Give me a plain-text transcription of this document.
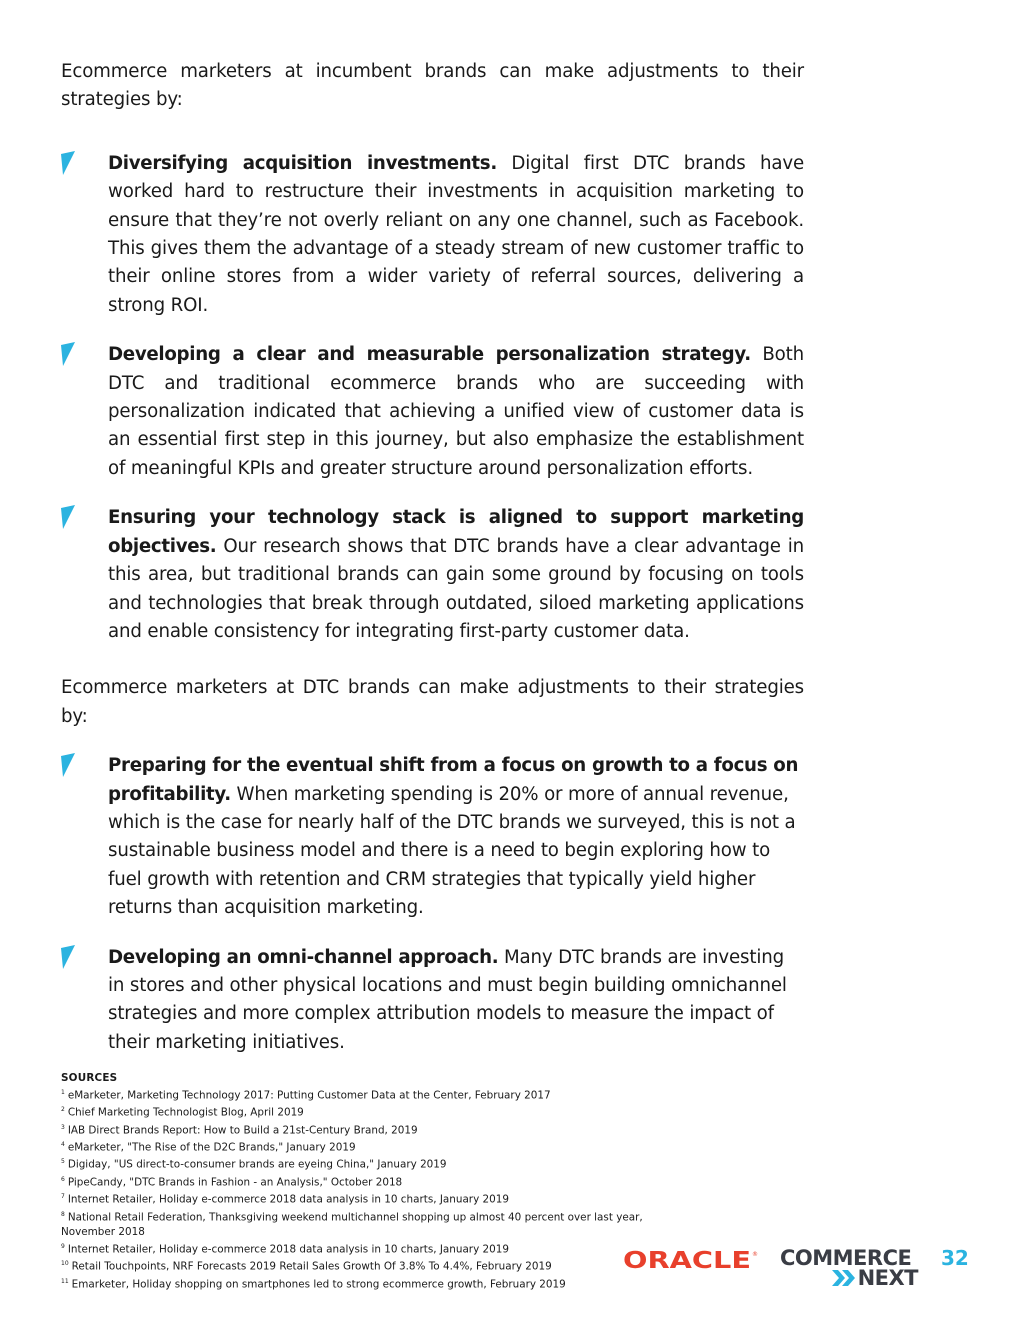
Ecommerce marketers at incumbent brands can make adjustments to their strategies by:

Diversifying acquisition investments. Digital first DTC brands have worked hard to restructure their investments in acquisition marketing to ensure that they’re not overly reliant on any one channel, such as Facebook. This gives them the advantage of a steady stream of new customer traffic to their online stores from a wider variety of referral sources, delivering a strong ROI.
Developing a clear and measurable personalization strategy. Both DTC and traditional ecommerce brands who are succeeding with personalization indicated that achieving a unified view of customer data is an essential first step in this journey, but also emphasize the establishment of meaningful KPIs and greater structure around personalization efforts.
Ensuring your technology stack is aligned to support marketing objectives. Our research shows that DTC brands have a clear advantage in this area, but traditional brands can gain some ground by focusing on tools and technologies that break through outdated, siloed marketing applications and enable consistency for integrating first-party customer data.

Ecommerce marketers at DTC brands can make adjustments to their strategies by:

Preparing for the eventual shift from a focus on growth to a focus on profitability. When marketing spending is 20% or more of annual revenue, which is the case for nearly half of the DTC brands we surveyed, this is not a sustainable business model and there is a need to begin exploring how to fuel growth with retention and CRM strategies that typically yield higher returns than acquisition marketing.
Developing an omni-channel approach. Many DTC brands are investing in stores and other physical locations and must begin building omnichannel strategies and more complex attribution models to measure the impact of their marketing initiatives.
SOURCES
$^1$ eMarketer, Marketing Technology 2017: Putting Customer Data at the Center, February 2017
$^2$ Chief Marketing Technologist Blog, April 2019
$^3$ IAB Direct Brands Report: How to Build a 21st-Century Brand, 2019
$^4$ eMarketer, "The Rise of the D2C Brands," January 2019
$^5$ Digiday, "US direct-to-consumer brands are eyeing China," January 2019
$^6$ PipeCandy, "DTC Brands in Fashion - an Analysis," October 2018
$^7$ Internet Retailer, Holiday e-commerce 2018 data analysis in 10 charts, January 2019
$^8$ National Retail Federation, Thanksgiving weekend multichannel shopping up almost 40 percent over last year, November 2018
$^9$ Internet Retailer, Holiday e-commerce 2018 data analysis in 10 charts, January 2019
$^{10}$ Retail Touchpoints, NRF Forecasts 2019 Retail Sales Growth Of 3.8% To 4.4%, February 2019
$^{11}$ Emarketer, Holiday shopping on smartphones led to strong ecommerce growth, February 2019
ORACLE ® COMMERCE
NEXT
32
